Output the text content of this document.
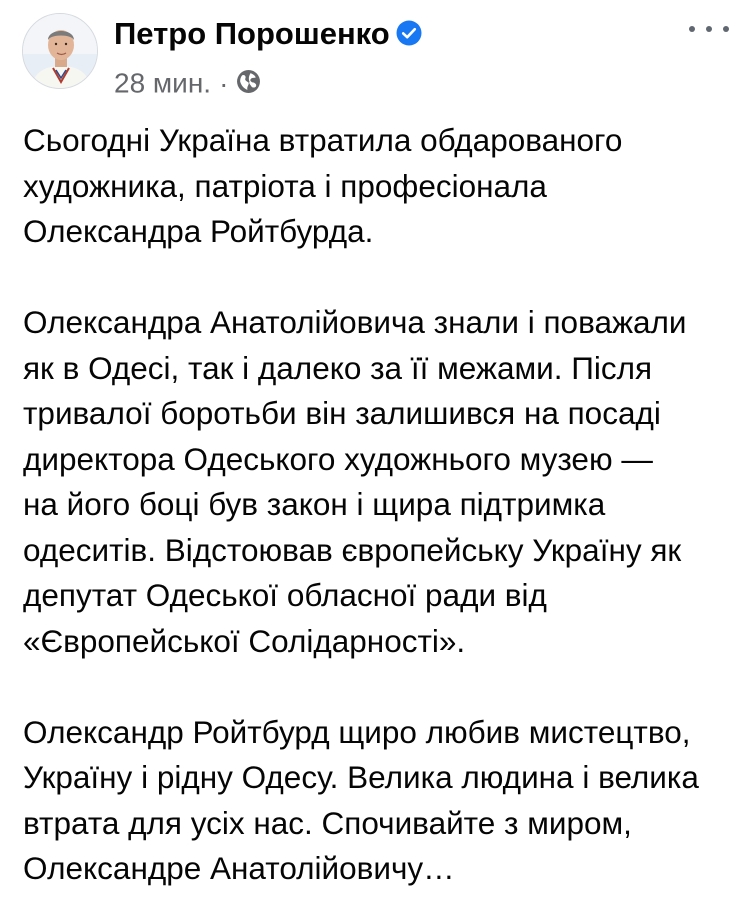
Петро Порошенко
28 мин. ·

Сьогодні Україна втратила обдарованого
художника, патріота і професіонала
Олександра Ройтбурда.

Олександра Анатолійовича знали і поважали
як в Одесі, так і далеко за її межами. Після
тривалої боротьби він залишився на посаді
директора Одеського художнього музею —
на його боці був закон і щира підтримка
одеситів. Відстоював європейську Україну як
депутат Одеської обласної ради від
«Європейської Солідарності».

Олександр Ройтбурд щиро любив мистецтво,
Україну і рідну Одесу. Велика людина і велика
втрата для усіх нас. Спочивайте з миром,
Олександре Анатолійовичу…
